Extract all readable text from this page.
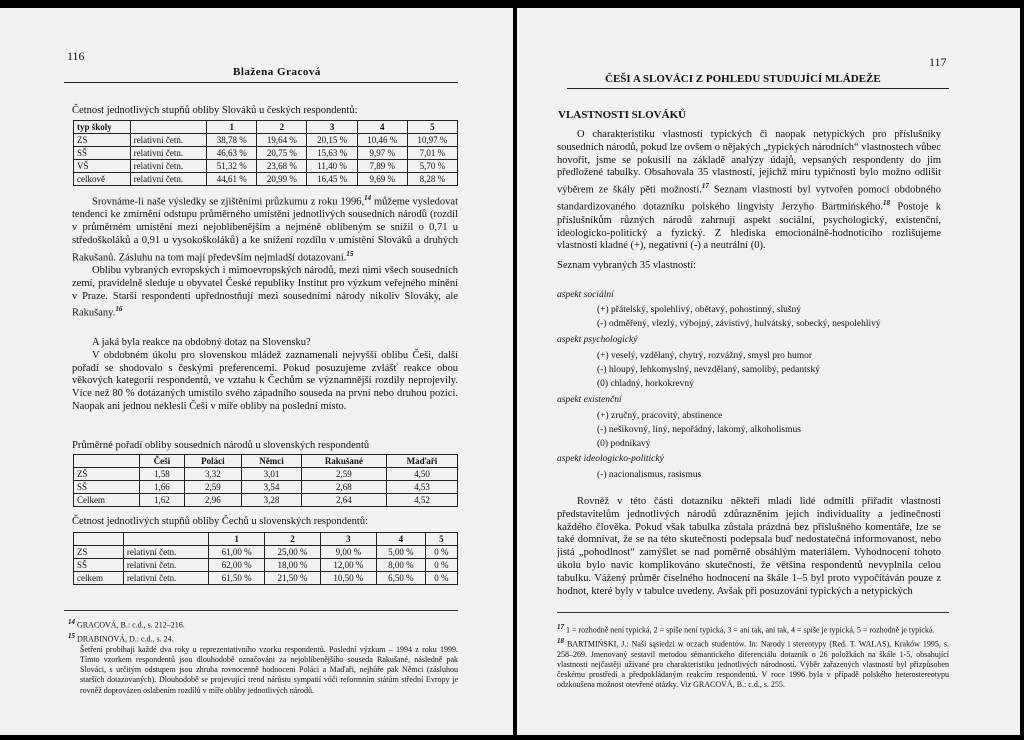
116
Blažena Gracová
Četnost jednotlivých stupňů obliby Slováků u českých respondentů:
typ školy		1	2	3	4	5
ZS	relativní četn.	38,78 %	19,64 %	20,15 %	10,46 %	10,97 %
SŠ	relativní četn.	46,63 %	20,75 %	15,63 %	9,97 %	7,01 %
VŠ	relativní četn.	51,32 %	23,68 %	11,40 %	7,89 %	5,70 %
celkově	relativní četn.	44,61 %	20,99 %	16,45 %	9,69 %	8,28 %

Srovnáme-li naše výsledky se zjištěními průzkumu z roku 1996,14 můžeme vysledovat tendenci ke zmírnění odstupu průměrného umístění jednotlivých sousedních národů (rozdíl v průměrném umístění mezi nejoblíbenějším a nejméně oblíbeným se snížil o 0,71 u středoškoláků a 0,91 u vysokoškoláků) a ke snížení rozdílu v umístění Slováků a druhých Rakušanů. Zásluhu na tom mají především nejmladší dotazovaní.$^{15}$

Oblibu vybraných evropských i mimoevropských národů, mezi nimi všech sousedních zemí, pravidelně sleduje u obyvatel České republiky Institut pro výzkum veřejného mínění v Praze. Starší respondenti upřednostňují mezi sousedními národy nikoliv Slováky, ale Rakušany.$^{16}$

A jaká byla reakce na obdobný dotaz na Slovensku?

V obdobném úkolu pro slovenskou mládež zaznamenali nejvyšší oblibu Češi, další pořadí se shodovalo s českými preferencemi. Pokud posuzujeme zvlášť reakce obou věkových kategorií respondentů, ve vztahu k Čechům se významnější rozdíly neprojevily. Více než 80 % dotázaných umístilo svého západního souseda na první nebo druhou pozici. Naopak ani jednou neklesli Češi v míře obliby na poslední místo.

Průměrné pořadí obliby sousedních národů u slovenských respondentů
	Češi	Poláci	Němci	Rakušané	Maďaři
ZŠ	1,58	3,32	3,01	2,59	4,50
SŠ	1,66	2,59	3,54	2,68	4,53
Celkem	1,62	2,96	3,28	2,64	4,52
Četnost jednotlivých stupňů obliby Čechů u slovenských respondentů:
		1	2	3	4	5
ZS	relativní četn.	61,00 %	25,00 %	9,00 %	5,00 %	0 %
SŠ	relativní četn.	62,00 %	18,00 %	12,00 %	8,00 %	0 %
celkem	relativní četn.	61,50 %	21,50 %	10,50 %	6,50 %	0 %

$^{14}$ GRACOVÁ, B.: c.d., s. 212–216.

$^{15}$ DRABINOVÁ, D.: c.d., s. 24.

Šetření probíhají každé dva roky u reprezentativního vzorku respondentů. Poslední výzkum – 1994 z roku 1999. Tímto vzorkem respondentů jsou dlouhodobě označováni za nejoblíbenějšího souseda Rakušané, následně pak Slováci, s určitým odstupem jsou zhruba rovnocenně hodnoceni Poláci a Maďaři, nejhůře pak Němci (zásluhou starších dotazovaných). Dlouhodobě se projevující trend nárůstu sympatií vůči reformním státům střední Evropy je rovněž doprovázen oslabením rozdílů v míře obliby jednotlivých národů.

117
ČEŠI A SLOVÁCI Z POHLEDU STUDUJÍCÍ MLÁDEŽE
VLASTNOSTI SLOVÁKŮ

O charakteristiku vlastností typických či naopak netypických pro příslušníky sousedních národů, pokud lze ovšem o nějakých „typických národních“ vlastnostech vůbec hovořit, jsme se pokusili na základě analýzy údajů, vepsaných respondenty do jim předložené tabulky. Obsahovala 35 vlastností, jejichž míru typičnosti bylo možno odlišit výběrem ze škály pěti možností.$^{17}$ Seznam vlastností byl vytvořen pomocí obdobného standardizovaného dotazníku polského lingvisty Jerzyho Bartmińského.$^{18}$ Postoje k příslušníkům různých národů zahrnují aspekt sociální, psychologický, existenční, ideologicko-politický a fyzický. Z hlediska emocionálně-hodnotícího rozlišujeme vlastnosti kladné (+), negativní (-) a neutrální (0).

Seznam vybraných 35 vlastností:
aspekt sociální
(+) přátelský, spolehlivý, obětavý, pohostinný, slušný
(-) odměřený, vlezlý, výbojný, závistivý, hulvátský, sobecký, nespolehlivý
aspekt psychologický
(+) veselý, vzdělaný, chytrý, rozvážný, smysl pro humor
(-) hloupý, lehkomyslný, nevzdělaný, samolibý, pedantský
(0) chladný, horkokrevný
aspekt existenční
(+) zručný, pracovitý, abstinence
(-) nešikovný, líný, nepořádný, lakomý, alkoholismus
(0) podnikavý
aspekt ideologicko-politický
(-) nacionalismus, rasismus

Rovněž v této části dotazníku někteří mladí lidé odmítli přiřadit vlastnosti představitelům jednotlivých národů zdůrazněním jejich individuality a jedinečnosti každého člověka. Pokud však tabulka zůstala prázdná bez příslušného komentáře, lze se také domnívat, že se na této skutečnosti podepsala buď nedostatečná informovanost, nebo jistá „pohodlnost“ zamýšlet se nad poměrně obsáhlým materiálem. Vyhodnocení tohoto úkolu bylo navíc komplikováno skutečností, že většina respondentů nevyplnila celou tabulku. Vážený průměr číselného hodnocení na škále 1–5 byl proto vypočítáván pouze z hodnot, které byly v tabulce uvedeny. Avšak při posuzování typických a netypických

$^{17}$ 1 = rozhodně není typická, 2 = spíše není typická, 3 = ani tak, ani tak, 4 = spíše je typická, 5 = rozhodně je typická.

$^{18}$ BARTMIŃSKI, J.: Naši sąsiedzi w oczach studentów. In: Narody i stereotypy (Red. T. WALAS), Kraków 1995, s. 258–269. Jmenovaný sestavil metodou sémantického diferenciálu dotazník o 26 položkách na škále 1-5, obsahující vlastnosti nejčastěji užívané pro charakteristiku jednotlivých národností. Výběr zařazených vlastností byl přizpůsoben českému prostředí a předpokládaným reakcím respondentů. V roce 1996 byla v případě polského heterostereotypu odzkoušena možnost otevřené otázky. Viz GRACOVÁ, B.: c.d., s. 255.
